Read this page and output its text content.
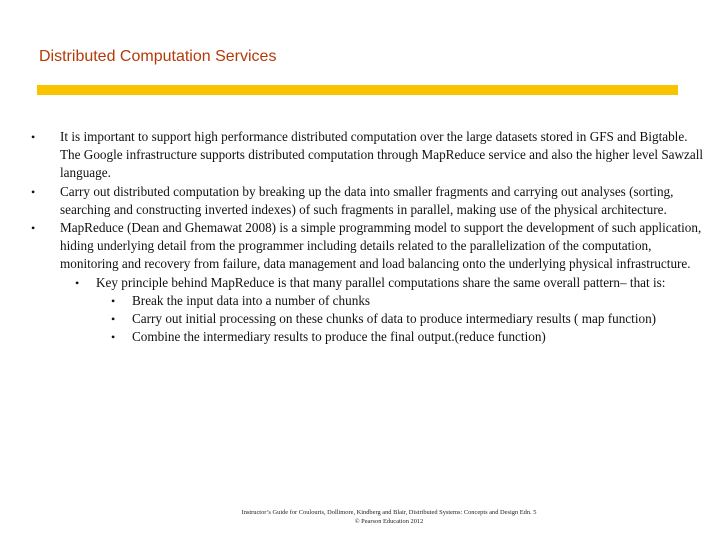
Distributed Computation Services
• It is important to support high performance distributed computation over the large datasets stored in GFS and Bigtable. The Google infrastructure supports distributed computation through MapReduce service and also the higher level Sawzall language.
• Carry out distributed computation by breaking up the data into smaller fragments and carrying out analyses (sorting, searching and constructing inverted indexes) of such fragments in parallel, making use of the physical architecture.
• MapReduce (Dean and Ghemawat 2008) is a simple programming model to support the development of such application, hiding underlying detail from the programmer including details related to the parallelization of the computation, monitoring and recovery from failure, data management and load balancing onto the underlying physical infrastructure.
• Key principle behind MapReduce is that many parallel computations share the same overall pattern– that is:
• Break the input data into a number of chunks
• Carry out initial processing on these chunks of data to produce intermediary results ( map function)
• Combine the intermediary results to produce the final output.(reduce function)
Instructor’s Guide for Coulouris, Dollimore, Kindberg and Blair, Distributed Systems: Concepts and Design Edn. 5
© Pearson Education 2012
